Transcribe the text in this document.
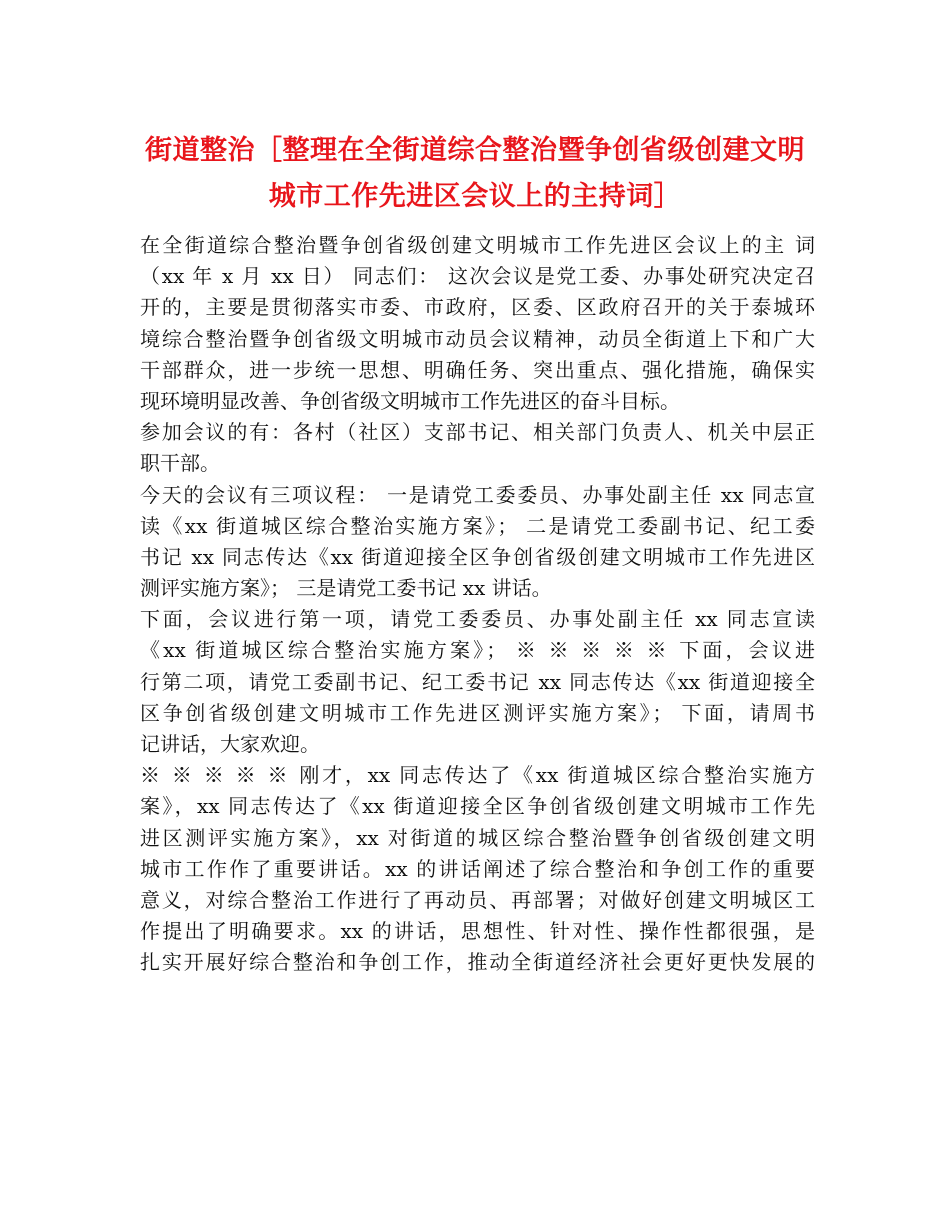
街道整治［整理在全街道综合整治暨争创省级创建文明
城市工作先进区会议上的主持词］
在全街道综合整治暨争创省级创建文明城市工作先进区会议上的主 词
（xx 年 x 月 xx 日） 同志们： 这次会议是党工委、办事处研究决定召
开的，主要是贯彻落实市委、市政府，区委、区政府召开的关于泰城环
境综合整治暨争创省级文明城市动员会议精神，动员全街道上下和广大
干部群众，进一步统一思想、明确任务、突出重点、强化措施，确保实
现环境明显改善、争创省级文明城市工作先进区的奋斗目标。
参加会议的有：各村（社区）支部书记、相关部门负责人、机关中层正
职干部。
今天的会议有三项议程： 一是请党工委委员、办事处副主任 xx 同志宣
读《xx 街道城区综合整治实施方案》； 二是请党工委副书记、纪工委
书记 xx 同志传达《xx 街道迎接全区争创省级创建文明城市工作先进区
测评实施方案》； 三是请党工委书记 xx 讲话。
下面，会议进行第一项，请党工委委员、办事处副主任 xx 同志宣读
《xx 街道城区综合整治实施方案》； ※ ※ ※ ※ ※ 下面，会议进
行第二项，请党工委副书记、纪工委书记 xx 同志传达《xx 街道迎接全
区争创省级创建文明城市工作先进区测评实施方案》； 下面，请周书
记讲话，大家欢迎。
※ ※ ※ ※ ※ 刚才，xx 同志传达了《xx 街道城区综合整治实施方
案》，xx 同志传达了《xx 街道迎接全区争创省级创建文明城市工作先
进区测评实施方案》，xx 对街道的城区综合整治暨争创省级创建文明
城市工作作了重要讲话。xx 的讲话阐述了综合整治和争创工作的重要
意义，对综合整治工作进行了再动员、再部署；对做好创建文明城区工
作提出了明确要求。xx 的讲话，思想性、针对性、操作性都很强，是
扎实开展好综合整治和争创工作，推动全街道经济社会更好更快发展的
